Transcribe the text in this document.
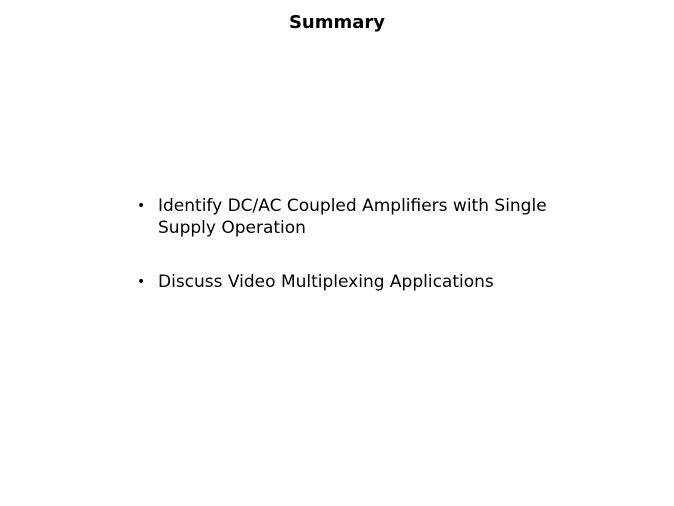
Summary
• Identify DC/AC Coupled Amplifiers with Single Supply Operation
• Discuss Video Multiplexing Applications
